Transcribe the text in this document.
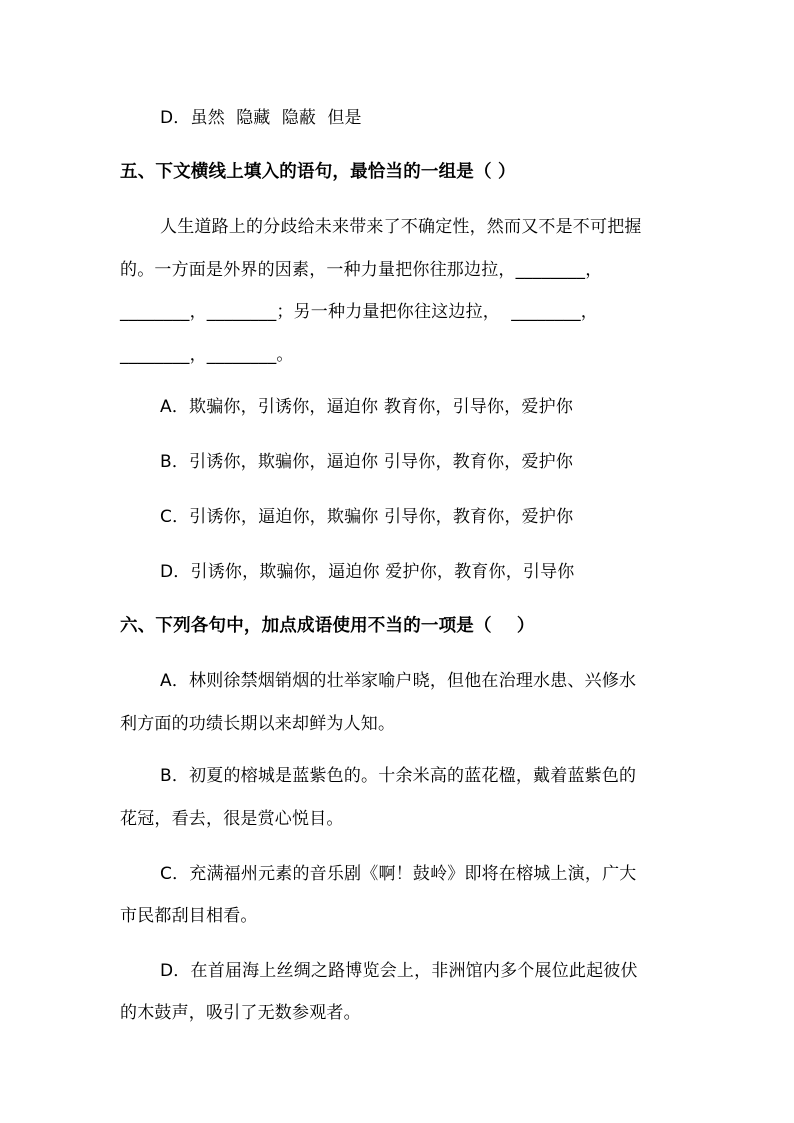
D．虽然  隐藏  隐蔽  但是
五、下文横线上填入的语句，最恰当的一组是（ ）
人生道路上的分歧给未来带来了不确定性，然而又不是不可把握
的。一方面是外界的因素，一种力量把你往那边拉，________，
________，________；另一种力量把你往这边拉，  ________，
________，________。
A．欺骗你，引诱你，逼迫你 教育你，引导你，爱护你
B．引诱你，欺骗你，逼迫你 引导你，教育你，爱护你
C．引诱你，逼迫你，欺骗你 引导你，教育你，爱护你
D．引诱你，欺骗你，逼迫你 爱护你，教育你，引导你
六、下列各句中，加点成语使用不当的一项是（    ）
A．林则徐禁烟销烟的壮举家喻户晓，但他在治理水患、兴修水
利方面的功绩长期以来却鲜为人知。
B．初夏的榕城是蓝紫色的。十余米高的蓝花楹，戴着蓝紫色的
花冠，看去，很是赏心悦目。
C．充满福州元素的音乐剧《啊！鼓岭》即将在榕城上演，广大
市民都刮目相看。
D．在首届海上丝绸之路博览会上，非洲馆内多个展位此起彼伏
的木鼓声，吸引了无数参观者。
